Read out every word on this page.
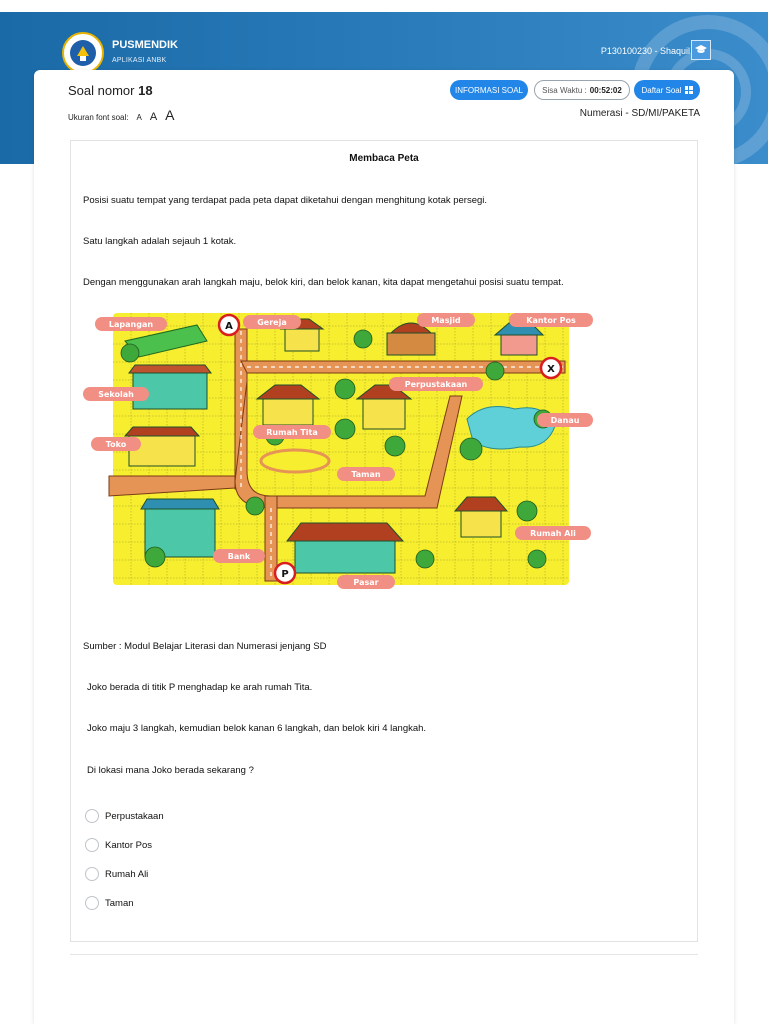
PUSMENDIK
APLIKASI ANBK
P130100230 - Shaquil
Soal nomor 18
Ukuran font soal: A A A
INFORMASI SOAL	Sisa Waktu : 00:52:02 Daftar Soal
Numerasi - SD/MI/PAKETA
Membaca Peta
Posisi suatu tempat yang terdapat pada peta dapat diketahui dengan menghitung kotak persegi.
Satu langkah adalah sejauh 1 kotak.
Dengan menggunakan arah langkah maju, belok kiri, dan belok kanan, kita dapat mengetahui posisi suatu tempat.
Lapangan	Gereja	Masjid	Kantor Pos
Sekolah
Perpustakaan
Danau
Toko
Rumah Tita
Taman
Rumah Ali
Bank
Pasar
A
X
P
Sumber : Modul Belajar Literasi dan Numerasi jenjang SD
Joko berada di titik P menghadap ke arah rumah Tita.
Joko maju 3 langkah, kemudian belok kanan 6 langkah, dan belok kiri 4 langkah.
Di lokasi mana Joko berada sekarang ?
Perpustakaan
Kantor Pos
Rumah Ali
Taman
